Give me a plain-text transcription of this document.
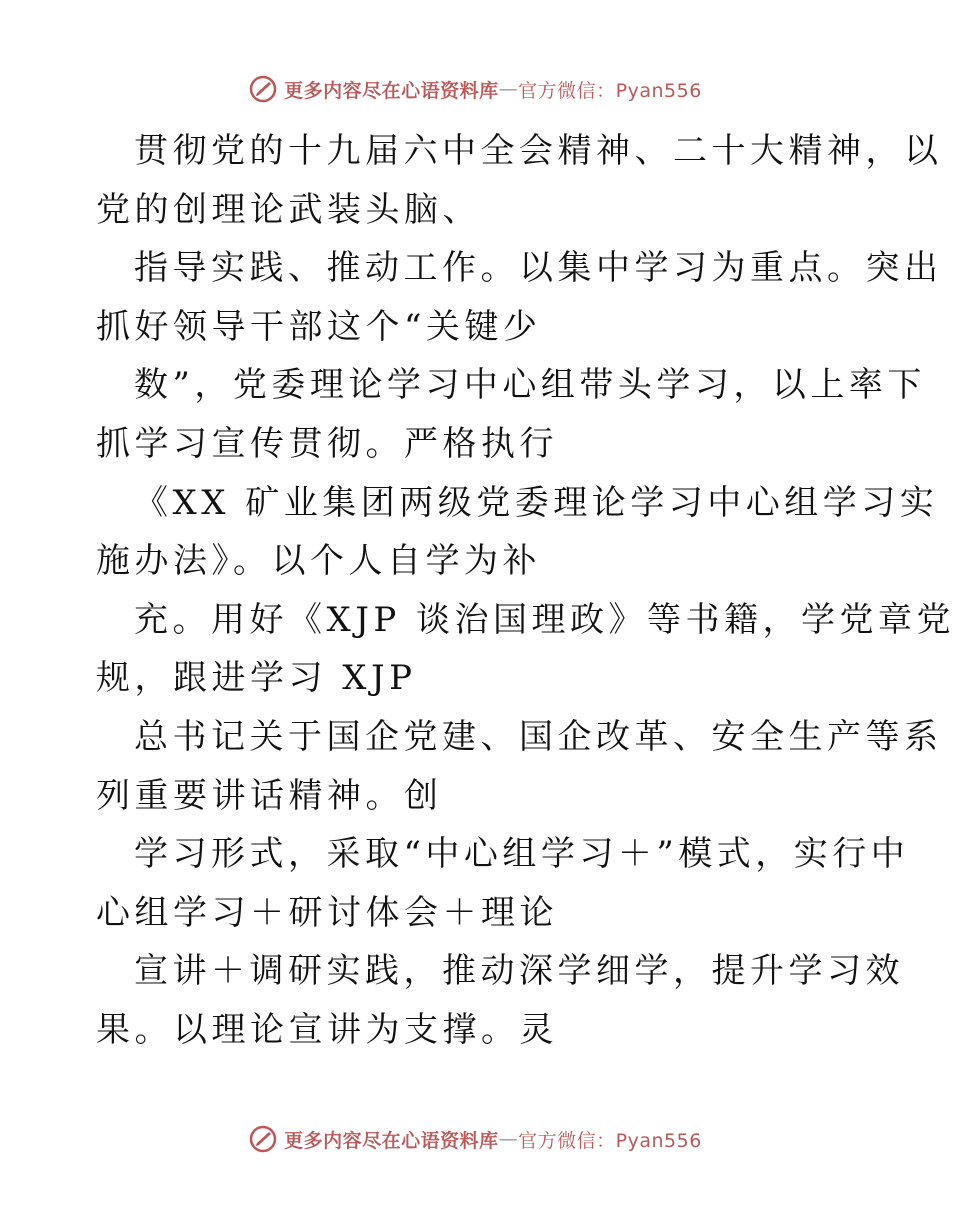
更多内容尽在心语资料库 — 官方微信：Pyan556
贯彻党的十九届六中全会精神、二十大精神，以
党的创理论武装头脑、
指导实践、推动工作。以集中学习为重点。突出
抓好领导干部这个“关键少
数”，党委理论学习中心组带头学习，以上率下
抓学习宣传贯彻。严格执行
《XX 矿业集团两级党委理论学习中心组学习实
施办法》。以个人自学为补
充。用好《XJP 谈治国理政》等书籍，学党章党
规，跟进学习 XJP
总书记关于国企党建、国企改革、安全生产等系
列重要讲话精神。创
学习形式，采取“中心组学习＋”模式，实行中
心组学习＋研讨体会＋理论
宣讲＋调研实践，推动深学细学，提升学习效
果。以理论宣讲为支撑。灵
更多内容尽在心语资料库 — 官方微信：Pyan556
